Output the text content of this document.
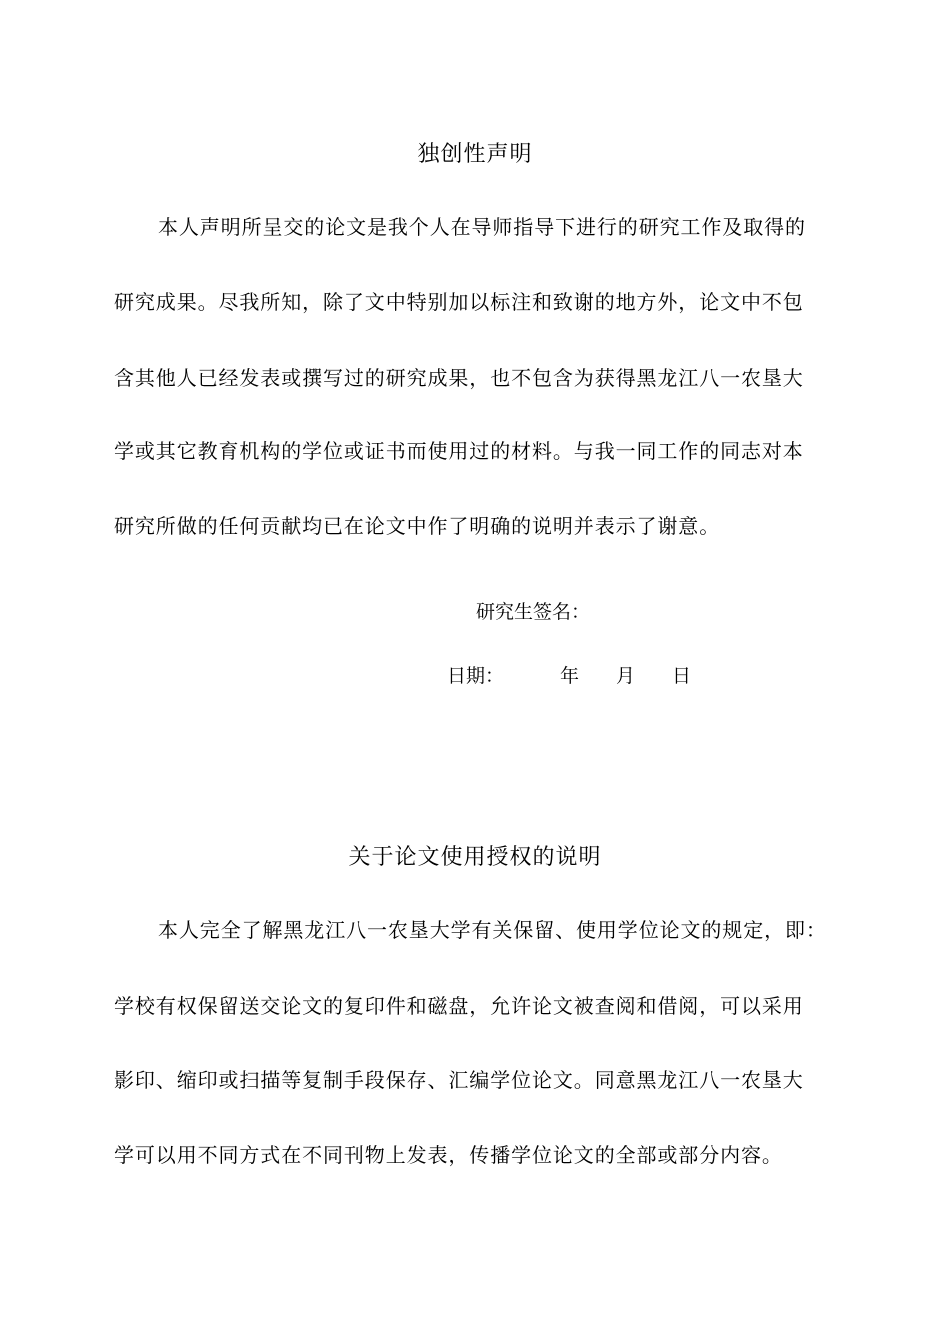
独创性声明
本人声明所呈交的论文是我个人在导师指导下进行的研究工作及取得的
研究成果。尽我所知，除了文中特别加以标注和致谢的地方外，论文中不包
含其他人已经发表或撰写过的研究成果，也不包含为获得黑龙江八一农垦大
学或其它教育机构的学位或证书而使用过的材料。与我一同工作的同志对本
研究所做的任何贡献均已在论文中作了明确的说明并表示了谢意。
研究生签名：
日期：	年 月 日
关于论文使用授权的说明
本人完全了解黑龙江八一农垦大学有关保留、使用学位论文的规定，即：
学校有权保留送交论文的复印件和磁盘，允许论文被查阅和借阅，可以采用
影印、缩印或扫描等复制手段保存、汇编学位论文。同意黑龙江八一农垦大
学可以用不同方式在不同刊物上发表，传播学位论文的全部或部分内容。
